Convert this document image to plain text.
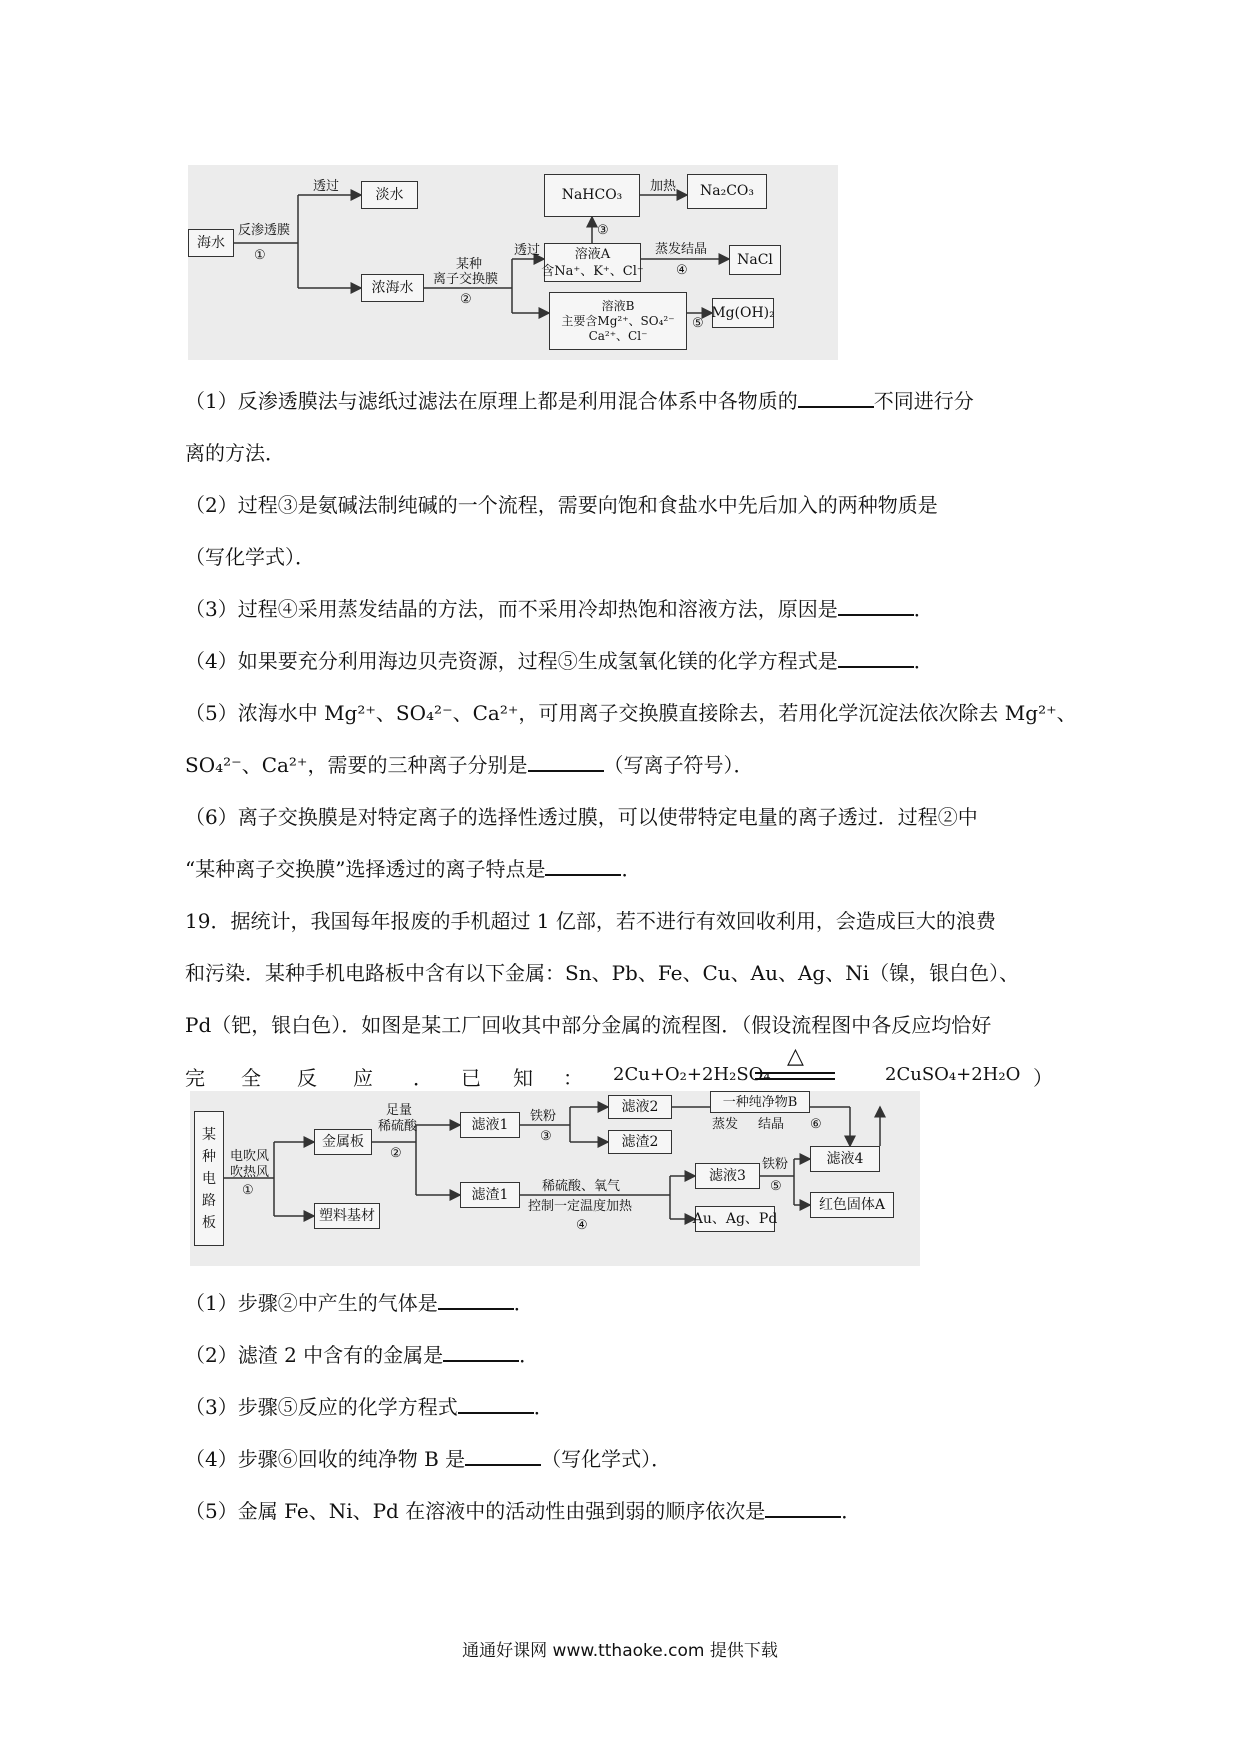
海水
淡水
浓海水
NaHCO₃	Na₂CO₃
溶液A
含Na⁺、K⁺、Cl⁻
NaCl
溶液B
主要含Mg²⁺、SO₄²⁻
Ca²⁺、Cl⁻
Mg(OH)₂
反渗透膜
①
透过
某种
离子交换膜
②
透过
加热
③
蒸发结晶
④
⑤
（1）反渗透膜法与滤纸过滤法在原理上都是利用混合体系中各物质的	不同进行分
离的方法．
（2）过程③是氨碱法制纯碱的一个流程，需要向饱和食盐水中先后加入的两种物质是
（写化学式）．
（3）过程④采用蒸发结晶的方法，而不采用冷却热饱和溶液方法，原因是	．
（4）如果要充分利用海边贝壳资源，过程⑤生成氢氧化镁的化学方程式是	．
（5）浓海水中 Mg²⁺、SO₄²⁻、Ca²⁺，可用离子交换膜直接除去，若用化学沉淀法依次除去 Mg²⁺、
SO₄²⁻、Ca²⁺，需要的三种离子分别是	（写离子符号）．
（6）离子交换膜是对特定离子的选择性透过膜，可以使带特定电量的离子透过．过程②中
“某种离子交换膜”选择透过的离子特点是	．
19．据统计，我国每年报废的手机超过 1 亿部，若不进行有效回收利用，会造成巨大的浪费
和污染．某种手机电路板中含有以下金属：Sn、Pb、Fe、Cu、Au、Ag、Ni（镍，银白色）、
Pd（钯，银白色）．如图是某工厂回收其中部分金属的流程图．（假设流程图中各反应均恰好
完 全 反 应 ． 已 知 ： 2Cu+O₂+2H₂SO₄
△
2CuSO₄+2H₂O ）
某
种
电
路
板
金属板
塑料基材
滤液1
滤渣1
滤液2
滤渣2
滤液3
Au、Ag、Pd
滤液4
红色固体A
一种纯净物B
电吹风
吹热风
①
足量
稀硫酸
②
铁粉
③
稀硫酸、氧气
控制一定温度加热
④
铁粉
⑤
蒸发 结晶 ⑥
（1）步骤②中产生的气体是	．
（2）滤渣 2 中含有的金属是	．
（3）步骤⑤反应的化学方程式	．
（4）步骤⑥回收的纯净物 B 是	（写化学式）．
（5）金属 Fe、Ni、Pd 在溶液中的活动性由强到弱的顺序依次是	．
通通好课网 www.tthaoke.com 提供下载
